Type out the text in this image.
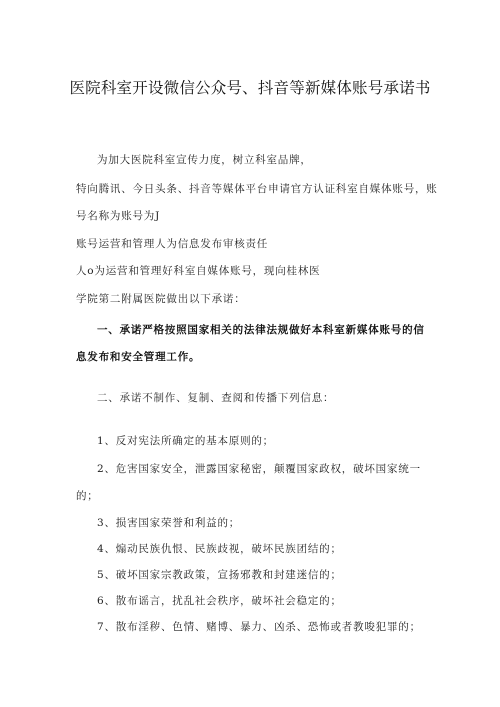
医院科室开设微信公众号、抖音等新媒体账号承诺书
为加大医院科室宣传力度，树立科室品牌，
特向腾讯、今日头条、抖音等媒体平台申请官方认证科室自媒体账号，账
号名称为账号为J
账号运营和管理人为信息发布审核责任
人o为运营和管理好科室自媒体账号，现向桂林医
学院第二附属医院做出以下承诺：
一、承诺严格按照国家相关的法律法规做好本科室新媒体账号的信
息发布和安全管理工作。
二、承诺不制作、复制、查阅和传播下列信息：
1、反对宪法所确定的基本原则的；
2、危害国家安全，泄露国家秘密，颠覆国家政权，破坏国家统一
的；
3、损害国家荣誉和利益的；
4、煽动民族仇恨、民族歧视，破坏民族团结的；
5、破坏国家宗教政策，宣扬邪教和封建迷信的；
6、散布谣言，扰乱社会秩序，破坏社会稳定的；
7、散布淫秽、色情、赌博、暴力、凶杀、恐怖或者教唆犯罪的；
